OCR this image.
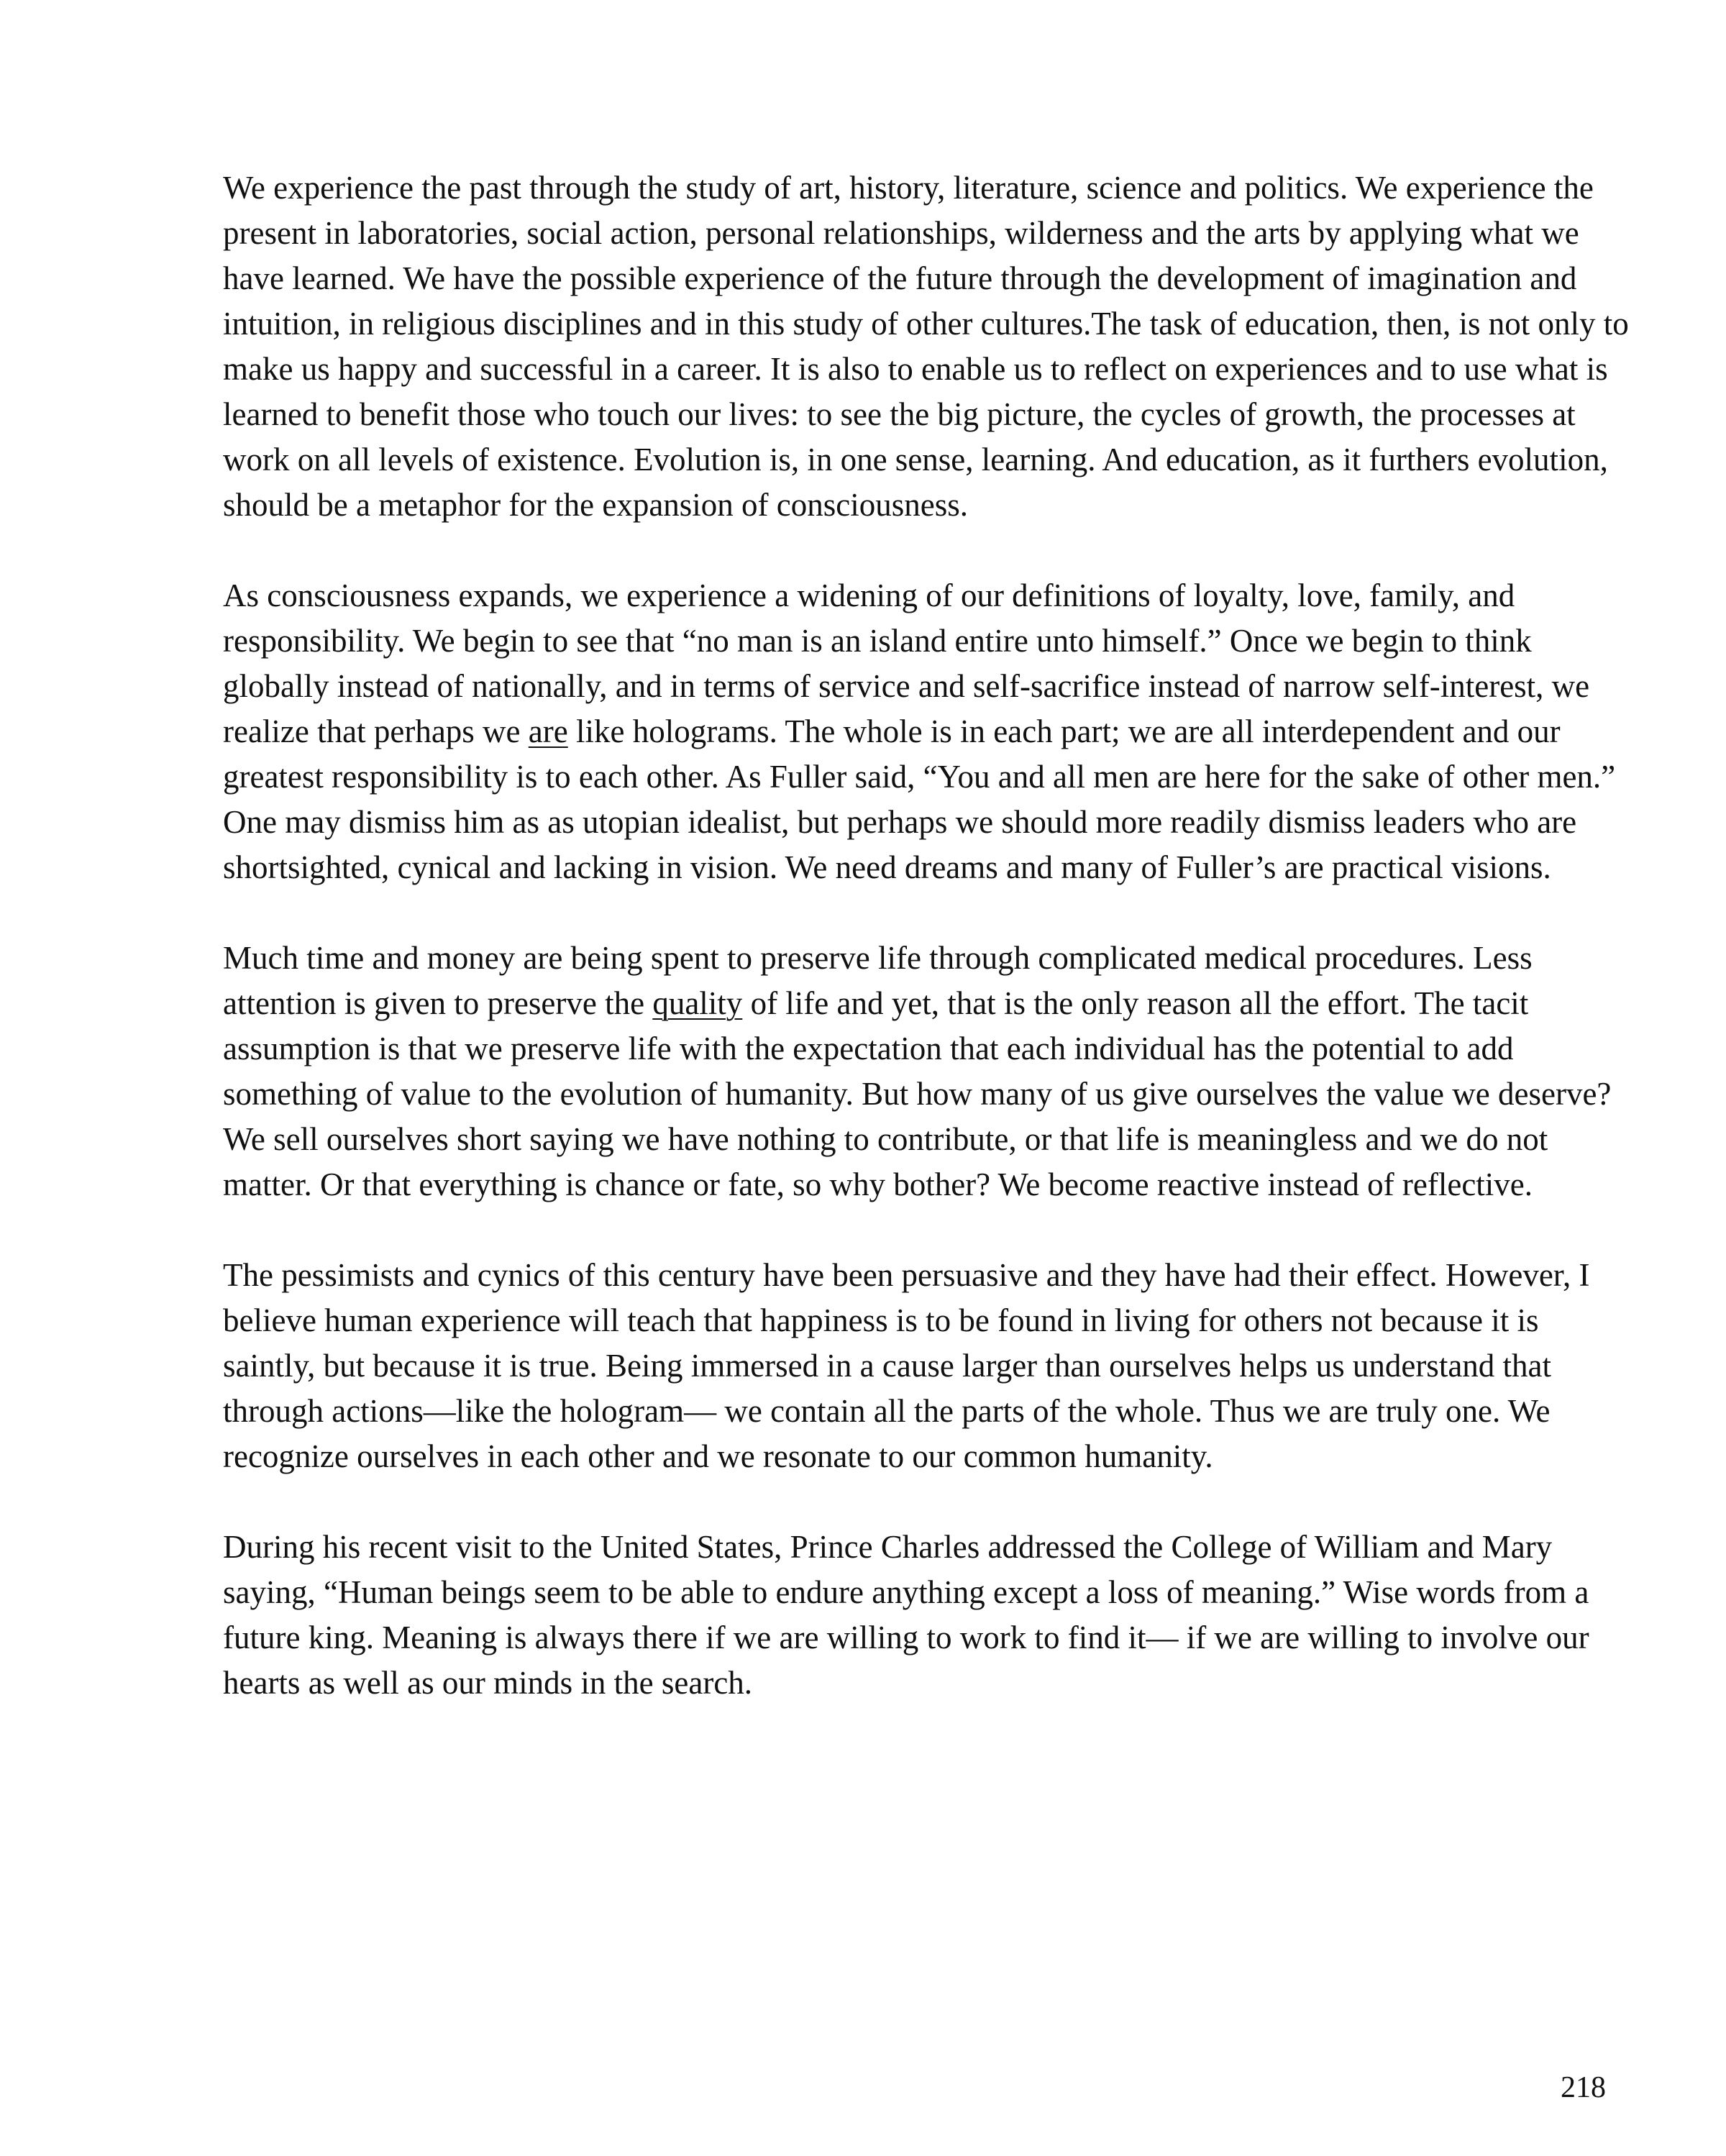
We experience the past through the study of art, history, literature, science and politics. We experience the present in laboratories, social action, personal relationships, wilderness and the arts by applying what we have learned. We have the possible experience of the future through the development of imagination and intuition, in religious disciplines and in this study of other cultures.The task of education, then, is not only to make us happy and successful in a career. It is also to enable us to reflect on experiences and to use what is learned to benefit those who touch our lives: to see the big picture, the cycles of growth, the processes at work on all levels of existence. Evolution is, in one sense, learning. And education, as it furthers evolution, should be a metaphor for the expansion of consciousness.

As consciousness expands, we experience a widening of our definitions of loyalty, love, family, and responsibility. We begin to see that “no man is an island entire unto himself.” Once we begin to think globally instead of nationally, and in terms of service and self-sacrifice instead of narrow self-interest, we realize that perhaps we are like holograms. The whole is in each part; we are all interdependent and our greatest responsibility is to each other. As Fuller said, “You and all men are here for the sake of other men.” One may dismiss him as as utopian idealist, but perhaps we should more readily dismiss leaders who are shortsighted, cynical and lacking in vision. We need dreams and many of Fuller’s are practical visions.

Much time and money are being spent to preserve life through complicated medical procedures. Less attention is given to preserve the quality of life and yet, that is the only reason all the effort. The tacit assumption is that we preserve life with the expectation that each individual has the potential to add something of value to the evolution of humanity. But how many of us give ourselves the value we deserve? We sell ourselves short saying we have nothing to contribute, or that life is meaningless and we do not matter. Or that everything is chance or fate, so why bother? We become reactive instead of reflective.

The pessimists and cynics of this century have been persuasive and they have had their effect. However, I believe human experience will teach that happiness is to be found in living for others not because it is saintly, but because it is true. Being immersed in a cause larger than ourselves helps us understand that through actions—like the hologram— we contain all the parts of the whole. Thus we are truly one. We recognize ourselves in each other and we resonate to our common humanity.

During his recent visit to the United States, Prince Charles addressed the College of William and Mary saying, “Human beings seem to be able to endure anything except a loss of meaning.” Wise words from a future king. Meaning is always there if we are willing to work to find it— if we are willing to involve our hearts as well as our minds in the search.

218
